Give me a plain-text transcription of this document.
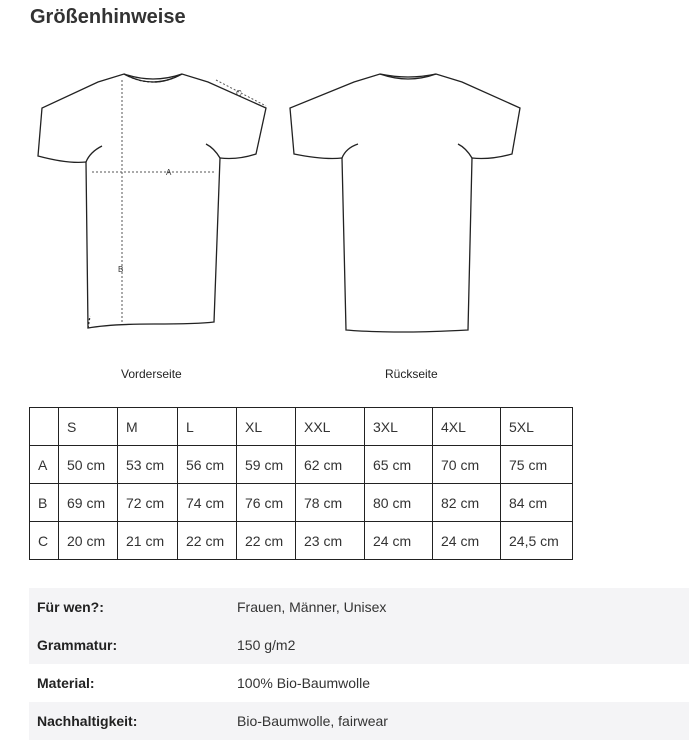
Größenhinweise
A
B
C
Vorderseite	Rückseite
	S	M	L	XL	XXL	3XL	4XL	5XL
A	50 cm	53 cm	56 cm	59 cm	62 cm	65 cm	70 cm	75 cm
B	69 cm	72 cm	74 cm	76 cm	78 cm	80 cm	82 cm	84 cm
C	20 cm	21 cm	22 cm	22 cm	23 cm	24 cm	24 cm	24,5 cm
Für wen?:	Frauen, Männer, Unisex
Grammatur:	150 g/m2
Material:	100% Bio-Baumwolle
Nachhaltigkeit:	Bio-Baumwolle, fairwear
